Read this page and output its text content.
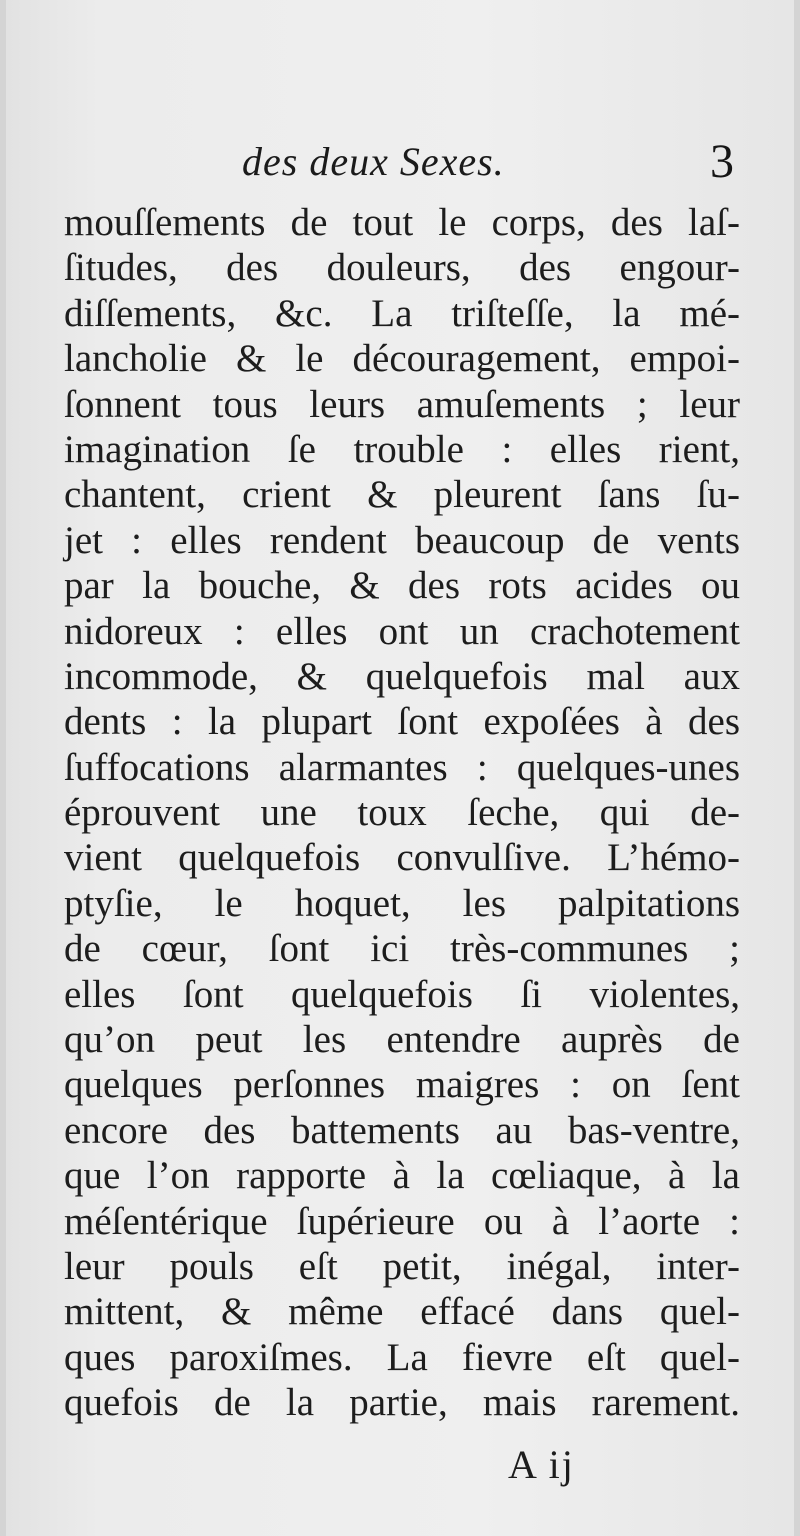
des deux Sexes.	3
mouſſements de tout le corps, des laſ-
ſitudes, des douleurs, des engour-
diſſements, &c. La triſteſſe, la mé-
lancholie & le découragement, empoi-
ſonnent tous leurs amuſements ; leur
imagination ſe trouble : elles rient,
chantent, crient & pleurent ſans ſu-
jet : elles rendent beaucoup de vents
par la bouche, & des rots acides ou
nidoreux : elles ont un crachotement
incommode, & quelquefois mal aux
dents : la plupart ſont expoſées à des
ſuffocations alarmantes : quelques-unes
éprouvent une toux ſeche, qui de-
vient quelquefois convulſive. L’hémo-
ptyſie, le hoquet, les palpitations
de cœur, ſont ici très-communes ;
elles ſont quelquefois ſi violentes,
qu’on peut les entendre auprès de
quelques perſonnes maigres : on ſent
encore des battements au bas-ventre,
que l’on rapporte à la cœliaque, à la
méſentérique ſupérieure ou à l’aorte :
leur pouls eſt petit, inégal, inter-
mittent, & même effacé dans quel-
ques paroxiſmes. La fievre eſt quel-
quefois de la partie, mais rarement.
A ij
